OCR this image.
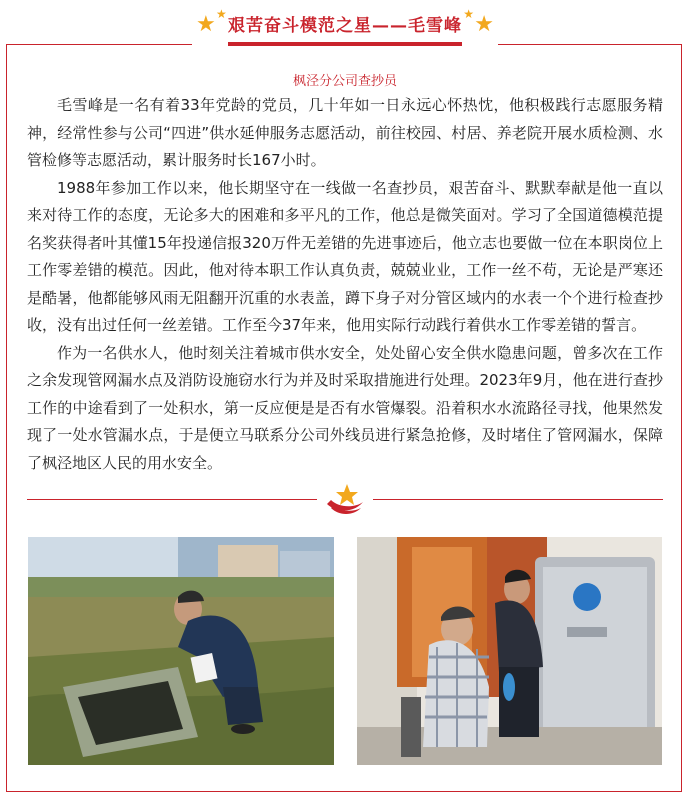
★ ★
艰苦奋斗模范之星——毛雪峰 ★
★
枫泾分公司查抄员

毛雪峰是一名有着33年党龄的党员，几十年如一日永远心怀热忱，他积极践行志愿服务精神，经常性参与公司“四进”供水延伸服务志愿活动，前往校园、村居、养老院开展水质检测、水管检修等志愿活动，累计服务时长167小时。

1988年参加工作以来，他长期坚守在一线做一名查抄员，艰苦奋斗、默默奉献是他一直以来对待工作的态度，无论多大的困难和多平凡的工作，他总是微笑面对。学习了全国道德模范提名奖获得者叶其懂15年投递信报320万件无差错的先进事迹后，他立志也要做一位在本职岗位上工作零差错的模范。因此，他对待本职工作认真负责，兢兢业业，工作一丝不苟，无论是严寒还是酷暑，他都能够风雨无阻翻开沉重的水表盖，蹲下身子对分管区域内的水表一个个进行检查抄收，没有出过任何一丝差错。工作至今37年来，他用实际行动践行着供水工作零差错的誓言。

作为一名供水人，他时刻关注着城市供水安全，处处留心安全供水隐患问题，曾多次在工作之余发现管网漏水点及消防设施窃水行为并及时采取措施进行处理。2023年9月，他在进行查抄工作的中途看到了一处积水，第一反应便是是否有水管爆裂。沿着积水水流路径寻找，他果然发现了一处水管漏水点，于是便立马联系分公司外线员进行紧急抢修，及时堵住了管网漏水，保障了枫泾地区人民的用水安全。
